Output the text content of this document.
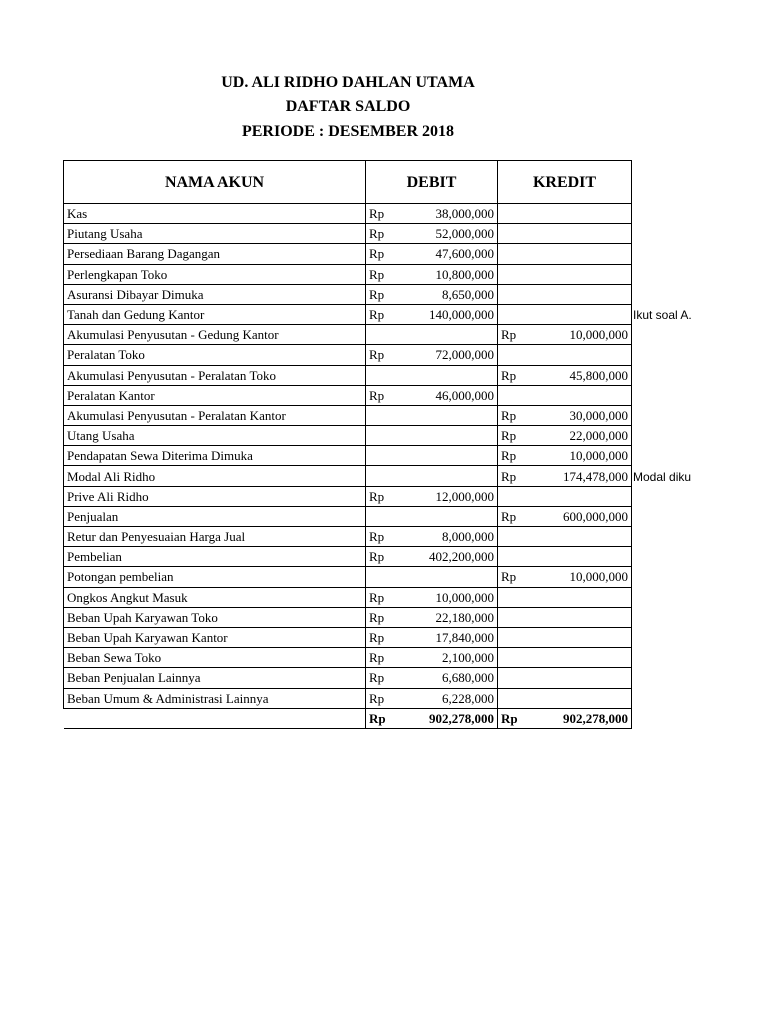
UD. ALI RIDHO DAHLAN UTAMA
DAFTAR SALDO
PERIODE : DESEMBER 2018
NAMA AKUN	DEBIT		KREDIT	
Kas	Rp	38,000,000		
Piutang Usaha	Rp	52,000,000		
Persediaan Barang Dagangan	Rp	47,600,000		
Perlengkapan Toko	Rp	10,800,000		
Asuransi Dibayar Dimuka	Rp	8,650,000		
Tanah dan Gedung Kantor	Rp	140,000,000		
Akumulasi Penyusutan - Gedung Kantor			Rp	10,000,000
Peralatan Toko	Rp	72,000,000		
Akumulasi Penyusutan - Peralatan Toko			Rp	45,800,000
Peralatan Kantor	Rp	46,000,000		
Akumulasi Penyusutan - Peralatan Kantor			Rp	30,000,000
Utang Usaha			Rp	22,000,000
Pendapatan Sewa Diterima Dimuka			Rp	10,000,000
Modal Ali Ridho			Rp	174,478,000
Prive Ali Ridho	Rp	12,000,000		
Penjualan			Rp	600,000,000
Retur dan Penyesuaian Harga Jual	Rp	8,000,000		
Pembelian	Rp	402,200,000		
Potongan pembelian			Rp	10,000,000
Ongkos Angkut Masuk	Rp	10,000,000		
Beban Upah Karyawan Toko	Rp	22,180,000		
Beban Upah Karyawan Kantor	Rp	17,840,000		
Beban Sewa Toko	Rp	2,100,000		
Beban Penjualan Lainnya	Rp	6,680,000		
Beban Umum & Administrasi Lainnya	Rp	6,228,000		
	Rp	902,278,000	Rp	902,278,000
Ikut soal A.
Modal diku
